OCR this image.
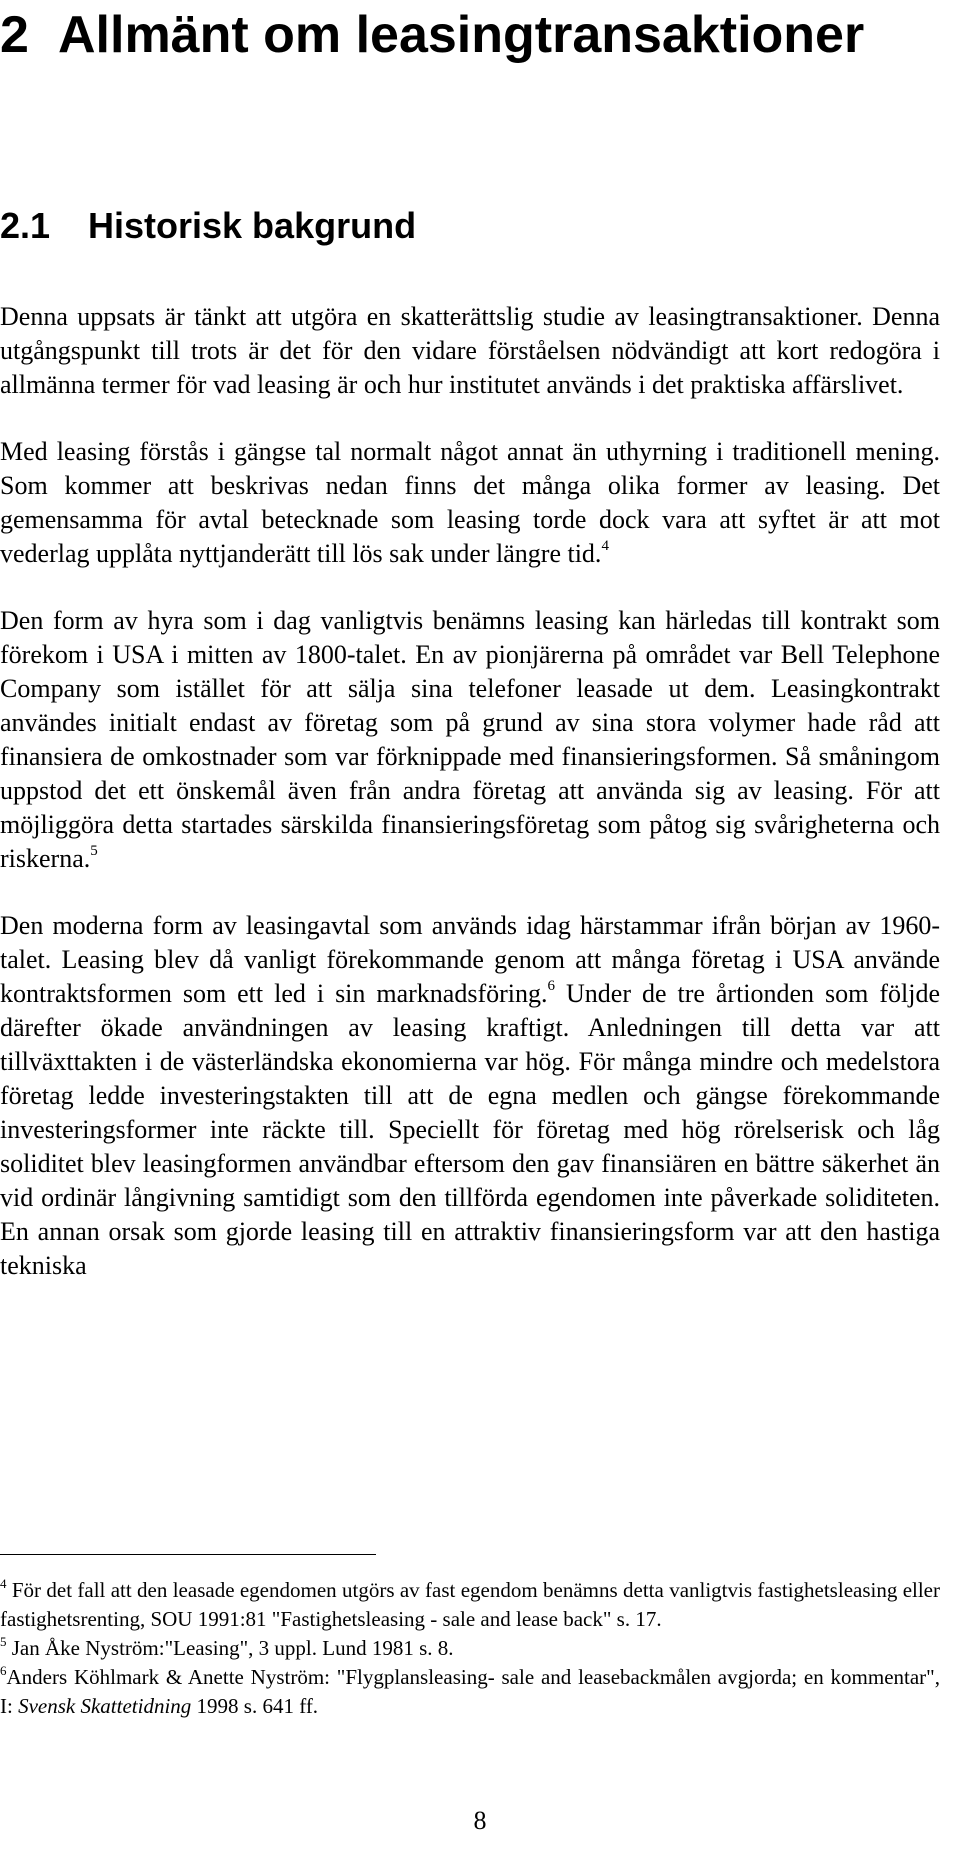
2 Allmänt om leasingtransaktioner
2.1 Historisk bakgrund

Denna uppsats är tänkt att utgöra en skatterättslig studie av leasingtransaktioner. Denna utgångspunkt till trots är det för den vidare förståelsen nödvändigt att kort redogöra i allmänna termer för vad leasing är och hur institutet används i det praktiska affärslivet.

Med leasing förstås i gängse tal normalt något annat än uthyrning i traditionell mening. Som kommer att beskrivas nedan finns det många olika former av leasing. Det gemensamma för avtal betecknade som leasing torde dock vara att syftet är att mot vederlag upplåta nyttjanderätt till lös sak under längre tid.$^4$

Den form av hyra som i dag vanligtvis benämns leasing kan härledas till kontrakt som förekom i USA i mitten av 1800-talet. En av pionjärerna på området var Bell Telephone Company som istället för att sälja sina telefoner leasade ut dem. Leasingkontrakt användes initialt endast av företag som på grund av sina stora volymer hade råd att finansiera de omkostnader som var förknippade med finansieringsformen. Så småningom uppstod det ett önskemål även från andra företag att använda sig av leasing. För att möjliggöra detta startades särskilda finansieringsföretag som påtog sig svårigheterna och riskerna.$^5$

Den moderna form av leasingavtal som används idag härstammar ifrån början av 1960-talet. Leasing blev då vanligt förekommande genom att många företag i USA använde kontraktsformen som ett led i sin marknadsföring.$^6$ Under de tre årtionden som följde därefter ökade användningen av leasing kraftigt. Anledningen till detta var att tillväxttakten i de västerländska ekonomierna var hög. För många mindre och medelstora företag ledde investeringstakten till att de egna medlen och gängse förekommande investeringsformer inte räckte till. Speciellt för företag med hög rörelserisk och låg soliditet blev leasingformen användbar eftersom den gav finansiären en bättre säkerhet än vid ordinär långivning samtidigt som den tillförda egendomen inte påverkade soliditeten. En annan orsak som gjorde leasing till en attraktiv finansieringsform var att den hastiga tekniska

$^4$ För det fall att den leasade egendomen utgörs av fast egendom benämns detta vanligtvis fastighetsleasing eller fastighetsrenting, SOU 1991:81 "Fastighetsleasing - sale and lease back" s. 17.

$^5$ Jan Åke Nyström:"Leasing", 3 uppl. Lund 1981 s. 8.

$^6$Anders Köhlmark & Anette Nyström: "Flygplansleasing- sale and leasebackmålen avgjorda; en kommentar", I: Svensk Skattetidning 1998 s. 641 ff.

8
